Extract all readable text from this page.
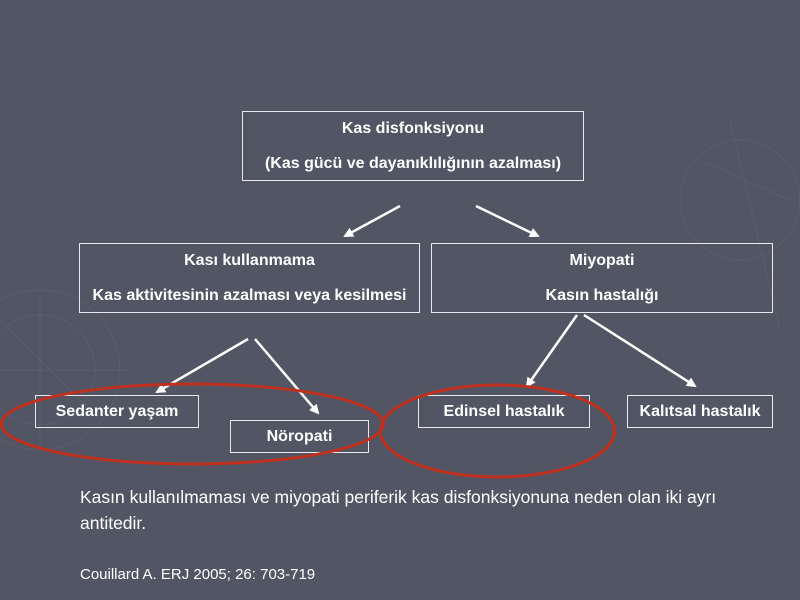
Kas disfonksiyonu
(Kas gücü ve dayanıklılığının azalması)
Kası kullanmama
Kas aktivitesinin azalması veya kesilmesi
Miyopati
Kasın hastalığı
Sedanter yaşam
Nöropati
Edinsel hastalık	Kalıtsal hastalık
Kasın kullanılmaması ve miyopati periferik kas disfonksiyonuna neden olan iki ayrı antitedir.
Couillard A. ERJ 2005; 26: 703-719
